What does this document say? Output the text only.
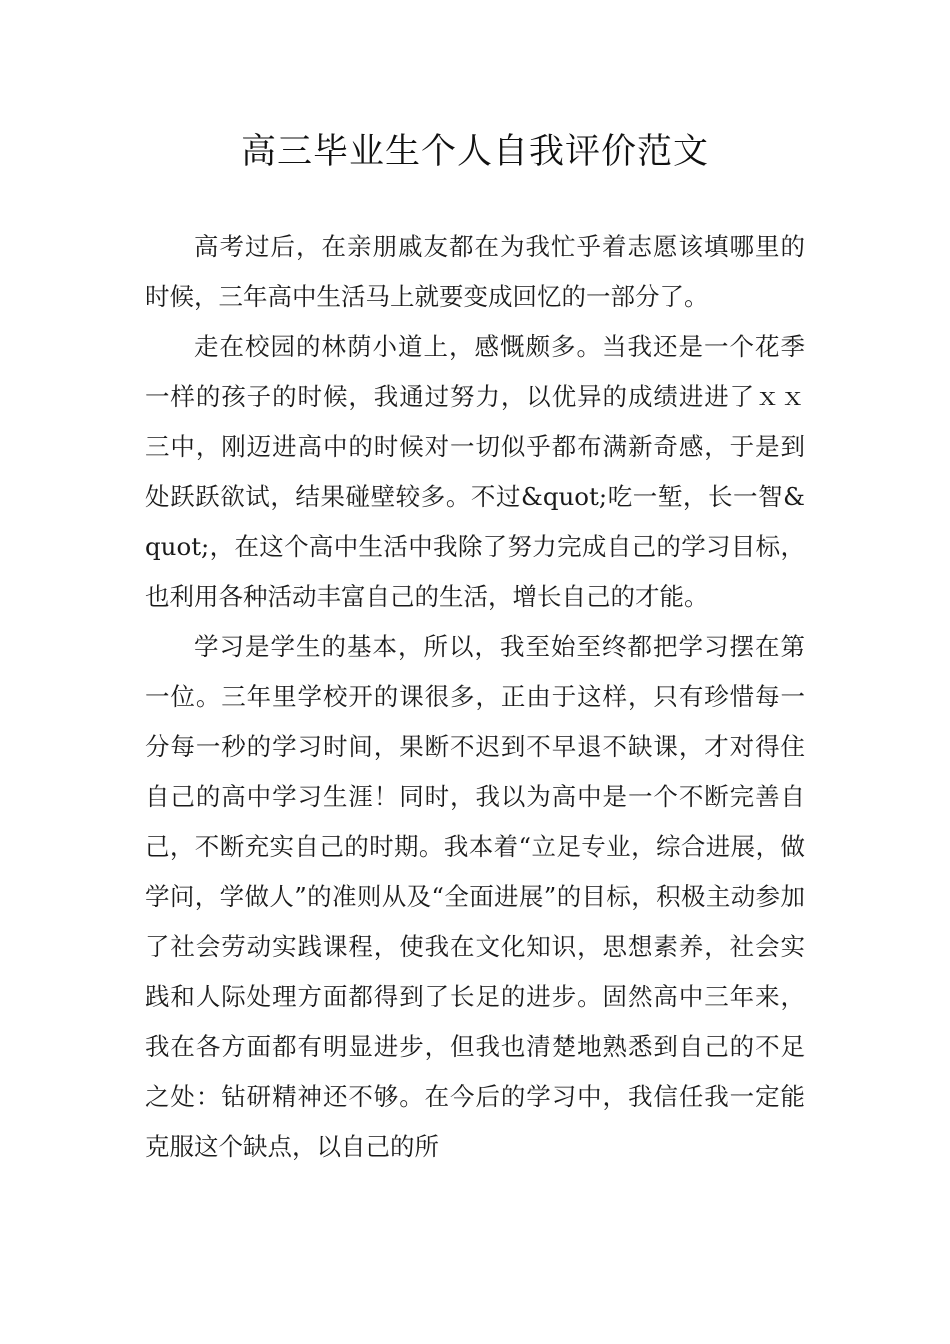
高三毕业生个人自我评价范文

高考过后，在亲朋戚友都在为我忙乎着志愿该填哪里的时候，三年高中生活马上就要变成回忆的一部分了。

走在校园的林荫小道上，感慨颇多。当我还是一个花季一样的孩子的时候，我通过努力，以优异的成绩进进了ｘｘ三中，刚迈进高中的时候对一切似乎都布满新奇感，于是到处跃跃欲试，结果碰壁较多。不过&quot;吃一堑，长一智&quot;，在这个高中生活中我除了努力完成自己的学习目标，也利用各种活动丰富自己的生活，增长自己的才能。

学习是学生的基本，所以，我至始至终都把学习摆在第一位。三年里学校开的课很多，正由于这样，只有珍惜每一分每一秒的学习时间，果断不迟到不早退不缺课，才对得住自己的高中学习生涯！同时，我以为高中是一个不断完善自己，不断充实自己的时期。我本着“立足专业，综合进展，做学问，学做人”的准则从及“全面进展”的目标，积极主动参加了社会劳动实践课程，使我在文化知识，思想素养，社会实践和人际处理方面都得到了长足的进步。固然高中三年来，我在各方面都有明显进步，但我也清楚地熟悉到自己的不足之处：钻研精神还不够。在今后的学习中，我信任我一定能克服这个缺点，以自己的所
